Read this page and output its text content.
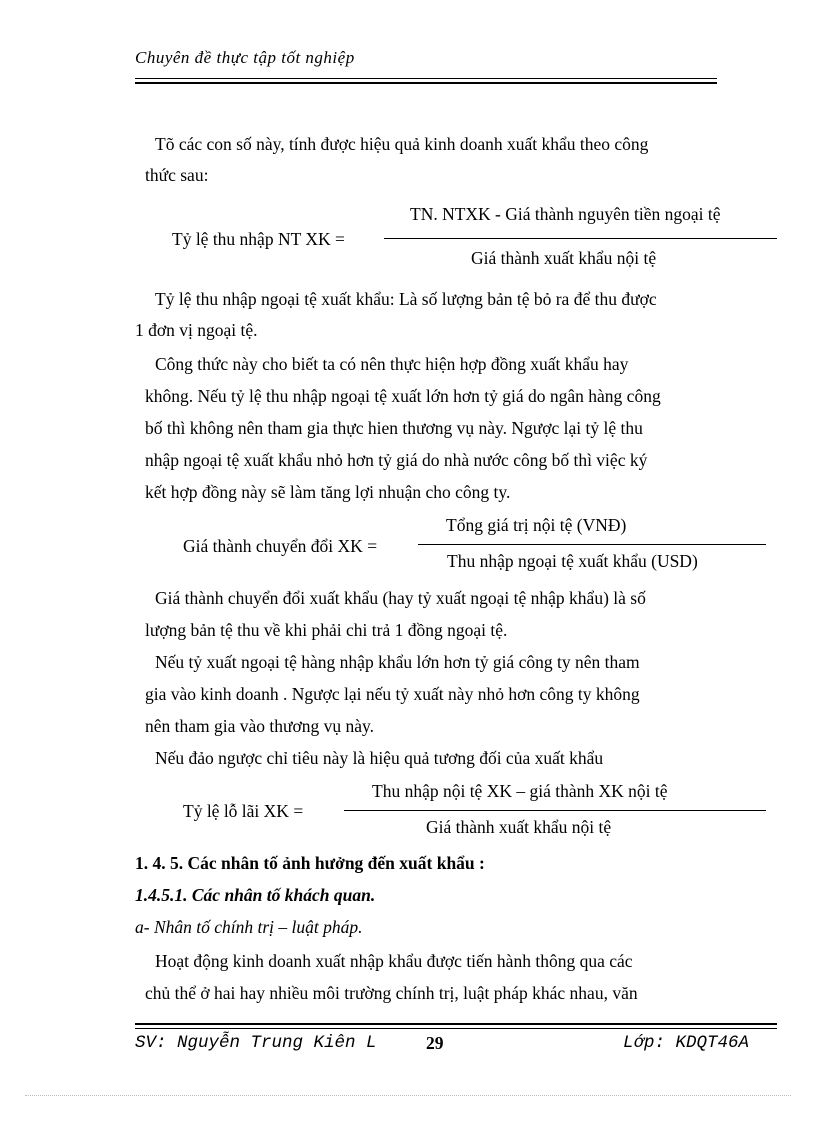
Chuyên đề thực tập tốt nghiệp
Tõ các con số này, tính được hiệu quả kinh doanh xuất khẩu theo công
thức sau:
Tỷ lệ thu nhập NT XK =
TN. NTXK - Giá thành nguyên tiền ngoại tệ
Giá thành xuất khẩu nội tệ
Tỷ lệ thu nhập ngoại tệ xuất khẩu: Là số lượng bản tệ bỏ ra để thu được
1 đơn vị ngoại tệ.
Công thức này cho biết ta có nên thực hiện hợp đồng xuất khẩu hay
không. Nếu tỷ lệ thu nhập ngoại tệ xuất lớn hơn tỷ giá do ngân hàng công
bố thì không nên tham gia thực hien thương vụ này. Ngược lại tỷ lệ thu
nhập ngoại tệ xuất khẩu nhỏ hơn tỷ giá do nhà nước công bố thì việc ký
kết hợp đồng này sẽ làm tăng lợi nhuận cho công ty.
Giá thành chuyển đổi XK =
Tổng giá trị nội tệ (VNĐ)
Thu nhập ngoại tệ xuất khẩu (USD)
Giá thành chuyển đổi xuất khẩu (hay tỷ xuất ngoại tệ nhập khẩu) là số
lượng bản tệ thu về khi phải chi trả 1 đồng ngoại tệ.
Nếu tỷ xuất ngoại tệ hàng nhập khẩu lớn hơn tỷ giá công ty nên tham
gia vào kinh doanh . Ngược lại nếu tỷ xuất này nhỏ hơn công ty không
nên tham gia vào thương vụ này.
Nếu đảo ngược chỉ tiêu này là hiệu quả tương đối của xuất khẩu
Tỷ lệ lỗ lãi XK =
Thu nhập nội tệ XK – giá thành XK nội tệ
Giá thành xuất khẩu nội tệ
1. 4. 5. Các nhân tố ảnh hưởng đến xuất khẩu :
1.4.5.1. Các nhân tố khách quan.
a- Nhân tố chính trị – luật pháp.
Hoạt động kinh doanh xuất nhập khẩu được tiến hành thông qua các
chủ thể ở hai hay nhiều môi trường chính trị, luật pháp khác nhau, văn
SV: Nguyễn Trung Kiên L	29	Lớp: KDQT46A
